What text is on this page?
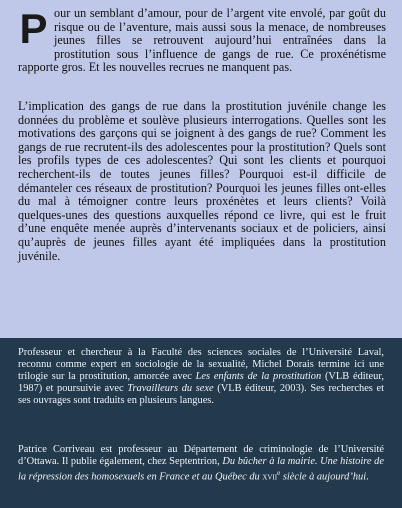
P our un semblant d’amour, pour de l’argent vite envolé, par goût du risque ou de l’aventure, mais aussi sous la menace, de nombreuses jeunes filles se retrouvent aujourd’hui entraînées dans la prostitution sous l’influence de gangs de rue. Ce proxénétisme rapporte gros. Et les nouvelles recrues ne manquent pas.

L’implication des gangs de rue dans la prostitution juvénile change les données du problème et soulève plusieurs interrogations. Quelles sont les motivations des garçons qui se joignent à des gangs de rue? Comment les gangs de rue recrutent-ils des adolescentes pour la prostitution? Quels sont les profils types de ces adolescentes? Qui sont les clients et pourquoi recherchent-ils de toutes jeunes filles? Pourquoi est-il difficile de démanteler ces réseaux de prostitution? Pourquoi les jeunes filles ont-elles du mal à témoigner contre leurs proxénètes et leurs clients? Voilà quelques-unes des questions auxquelles répond ce livre, qui est le fruit d’une enquête menée auprès d’intervenants sociaux et de policiers, ainsi qu’auprès de jeunes filles ayant été impliquées dans la prostitution juvénile.

Professeur et chercheur à la Faculté des sciences sociales de l’Université Laval, reconnu comme expert en sociologie de la sexualité, Michel Dorais termine ici une trilogie sur la prostitution, amorcée avec Les enfants de la prostitution (VLB éditeur, 1987) et poursuivie avec Travailleurs du sexe (VLB éditeur, 2003). Ses recherches et ses ouvrages sont traduits en plusieurs langues.

Patrice Corriveau est professeur au Département de criminologie de l’Université d’Ottawa. Il publie également, chez Septentrion, Du bûcher à la mairie. Une histoire de la répression des homosexuels en France et au Québec du xvii$^e$ siècle à aujourd’hui.
